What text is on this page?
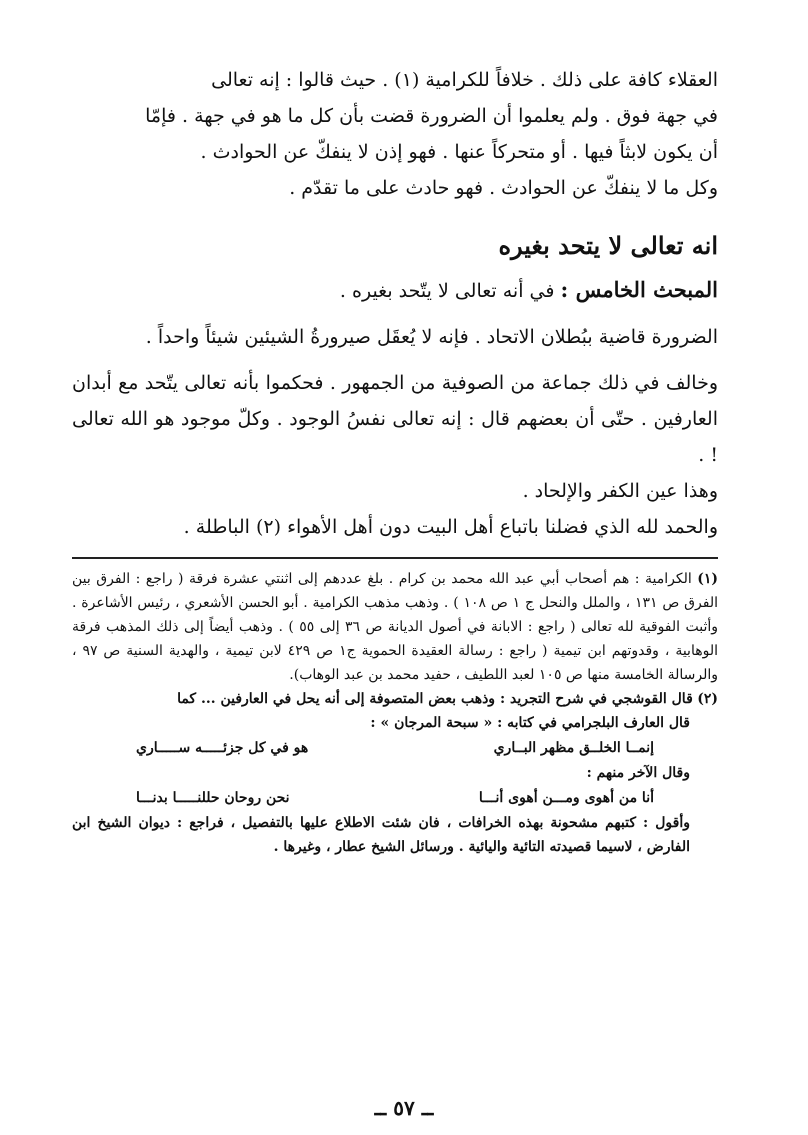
العقلاء كافة على ذلك . خلافاً للكرامية (١) . حيث قالوا : إنه تعالى

في جهة فوق . ولم يعلموا أن الضرورة قضت بأن كل ما هو في جهة . فإمّا

أن يكون لابثاً فيها . أو متحركاً عنها . فهو إذن لا ينفكّ عن الحوادث .

وكل ما لا ينفكّ عن الحوادث . فهو حادث على ما تقدّم .

انه تعالى لا يتحد بغيره

المبحث الخامس : في أنه تعالى لا يتّحد بغيره .

الضرورة قاضية ببُطلان الاتحاد . فإنه لا يُعقَل صيرورةُ الشيئين شيئاً واحداً .

وخالف في ذلك جماعة من الصوفية من الجمهور . فحكموا بأنه تعالى يتّحد مع أبدان العارفين . حتّى أن بعضهم قال : إنه تعالى نفسُ الوجود . وكلّ موجود هو الله تعالى ! .

وهذا عين الكفر والإلحاد .

والحمد لله الذي فضلنا باتباع أهل البيت دون أهل الأهواء (٢) الباطلة .

(١) الكرامية : هم أصحاب أبي عبد الله محمد بن كرام . بلغ عددهم إلى اثنتي عشرة فرقة ( راجع : الفرق بين الفرق ص ١٣١ ، والملل والنحل ج ١ ص ١٠٨ ) . وذهب مذهب الكرامية . أبو الحسن الأشعري ، رئيس الأشاعرة . وأثبت الفوقية لله تعالى ( راجع : الابانة في أصول الديانة ص ٣٦ إلى ٥٥ ) . وذهب أيضاً إلى ذلك المذهب فرقة الوهابية ، وقدوتهم ابن تيمية ( راجع : رسالة العقيدة الحموية ج١ ص ٤٢٩ لابن تيمية ، والهدية السنية ص ٩٧ ، والرسالة الخامسة منها ص ١٠٥ لعبد اللطيف ، حفيد محمد بن عبد الوهاب).

(٢) قال القوشجي في شرح التجريد : وذهب بعض المتصوفة إلى أنه يحل في العارفين ... كما

قال العارف البلجرامي في كتابه : « سبحة المرجان » :

إنمــا الخلــق مظهر البــاري
هو في كل جزئـــــه ســـــاري

وقال الآخر منهم :

أنا من أهوى ومـــن أهوى أنـــا
نحن روحان حللنـــــا بدنـــا

وأقول : كتبهم مشحونة بهذه الخرافات ، فان شئت الاطلاع عليها بالتفصيل ، فراجع : ديوان الشيخ ابن الفارض ، لاسيما قصيدته التائية واليائية . ورسائل الشيخ عطار ، وغيرها .

ــ ٥٧ ــ
